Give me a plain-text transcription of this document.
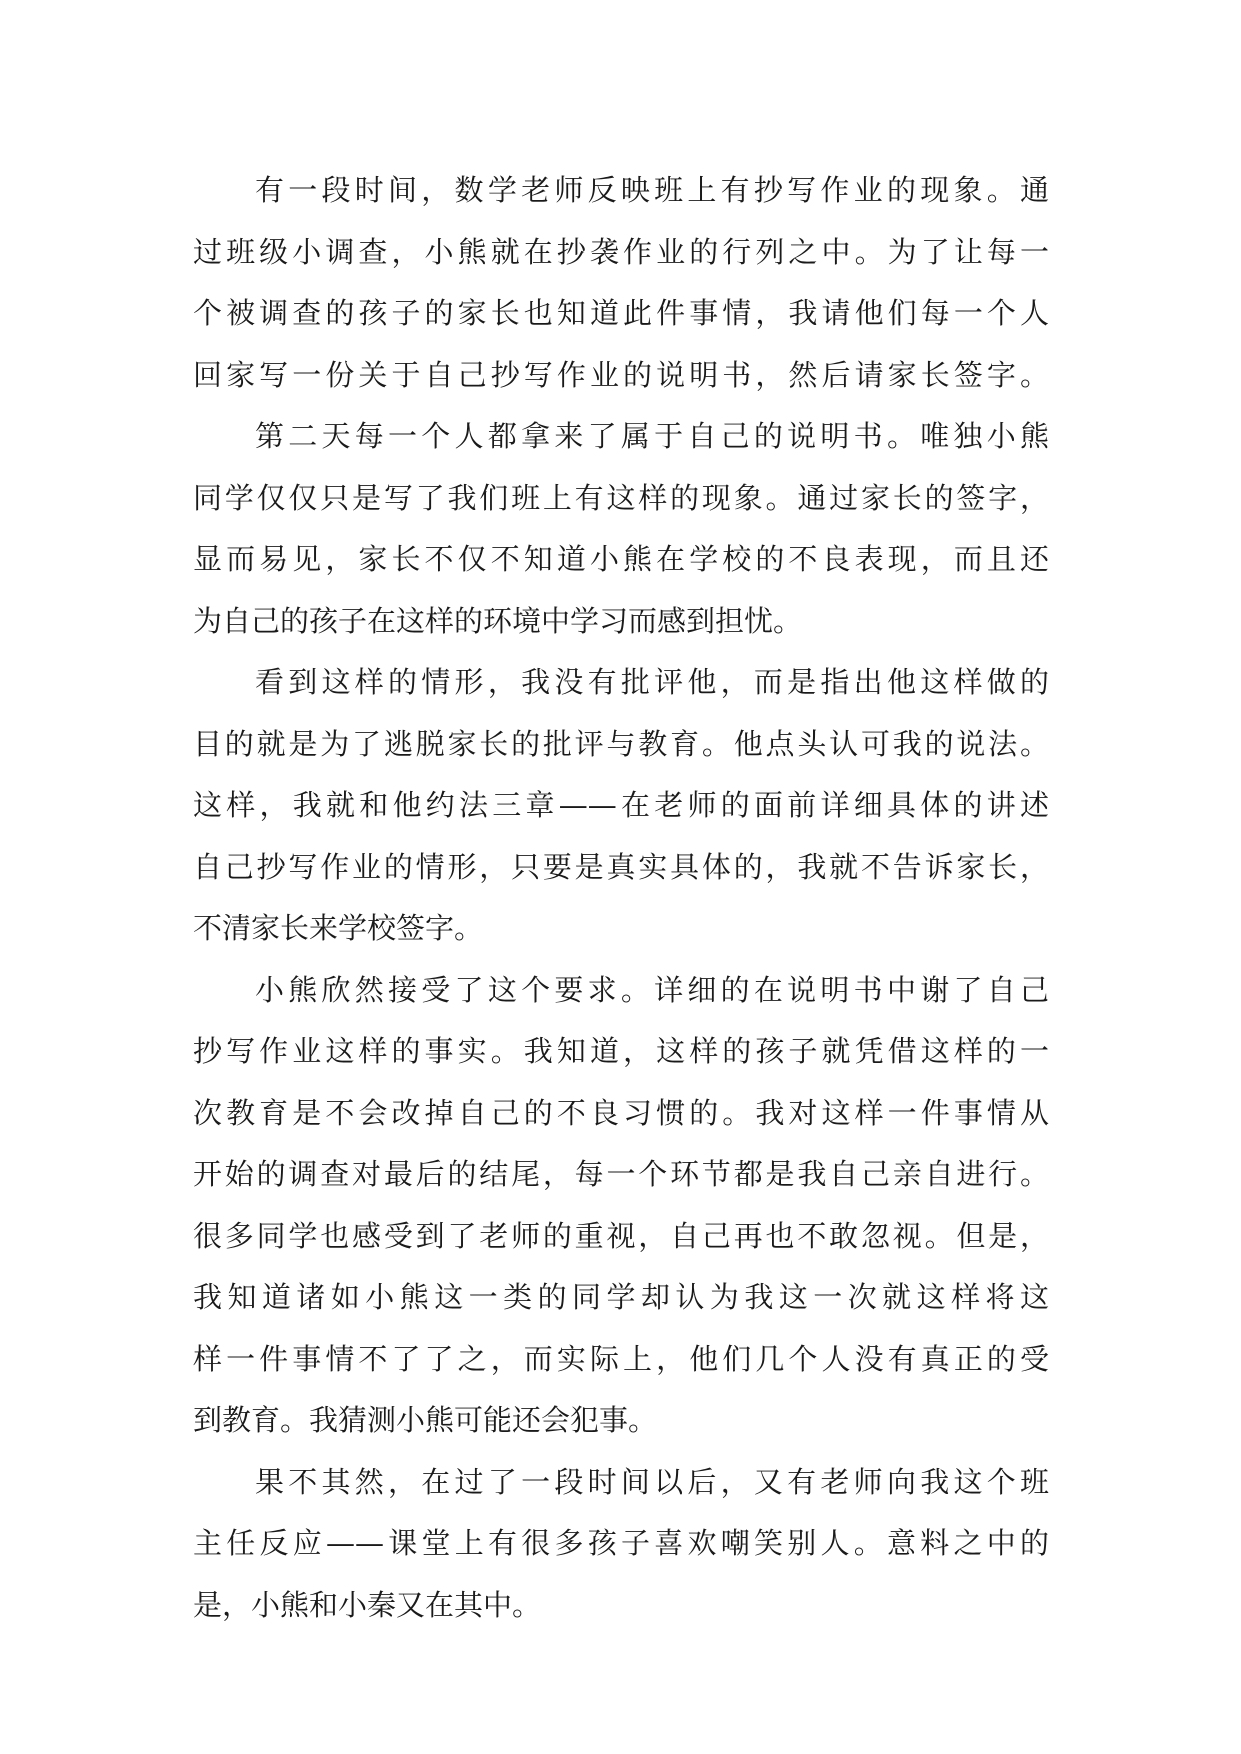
有一段时间，数学老师反映班上有抄写作业的现象。通
过班级小调查，小熊就在抄袭作业的行列之中。为了让每一
个被调查的孩子的家长也知道此件事情，我请他们每一个人
回家写一份关于自己抄写作业的说明书，然后请家长签字。
第二天每一个人都拿来了属于自己的说明书。唯独小熊
同学仅仅只是写了我们班上有这样的现象。通过家长的签字，
显而易见，家长不仅不知道小熊在学校的不良表现，而且还
为自己的孩子在这样的环境中学习而感到担忧。
看到这样的情形，我没有批评他，而是指出他这样做的
目的就是为了逃脱家长的批评与教育。他点头认可我的说法。
这样，我就和他约法三章——在老师的面前详细具体的讲述
自己抄写作业的情形，只要是真实具体的，我就不告诉家长，
不清家长来学校签字。
小熊欣然接受了这个要求。详细的在说明书中谢了自己
抄写作业这样的事实。我知道，这样的孩子就凭借这样的一
次教育是不会改掉自己的不良习惯的。我对这样一件事情从
开始的调查对最后的结尾，每一个环节都是我自己亲自进行。
很多同学也感受到了老师的重视，自己再也不敢忽视。但是，
我知道诸如小熊这一类的同学却认为我这一次就这样将这
样一件事情不了了之，而实际上，他们几个人没有真正的受
到教育。我猜测小熊可能还会犯事。
果不其然，在过了一段时间以后，又有老师向我这个班
主任反应——课堂上有很多孩子喜欢嘲笑别人。意料之中的
是，小熊和小秦又在其中。
